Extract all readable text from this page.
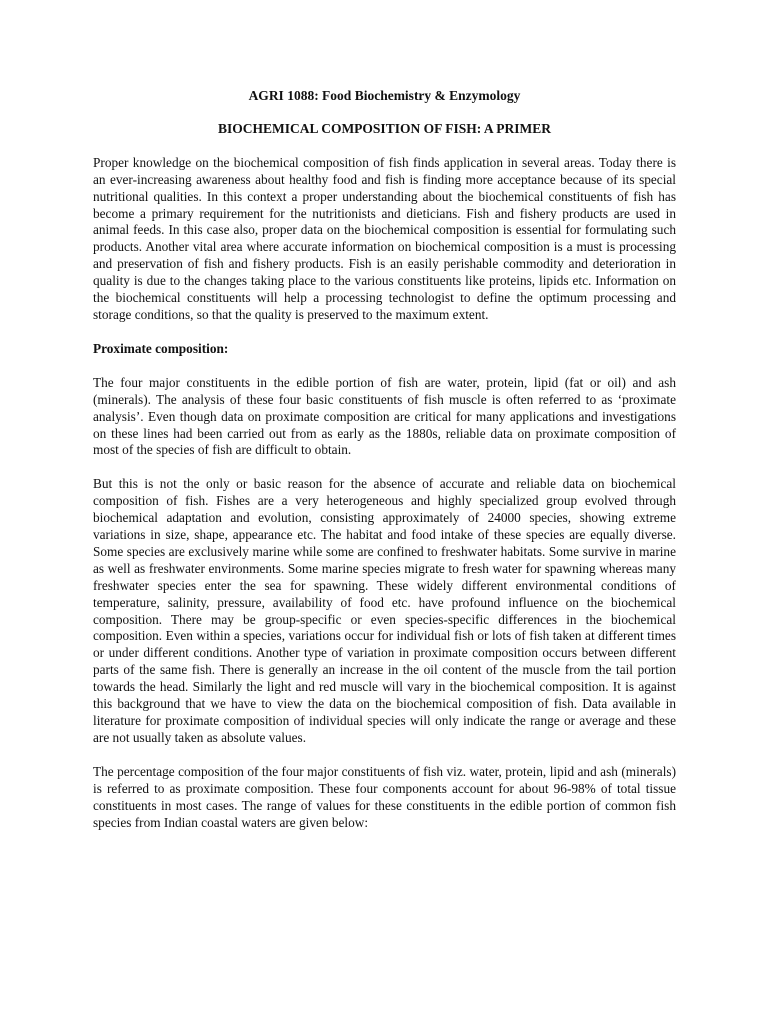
AGRI 1088: Food Biochemistry & Enzymology
BIOCHEMICAL COMPOSITION OF FISH: A PRIMER

Proper knowledge on the biochemical composition of fish finds application in several areas. Today there is an ever-increasing awareness about healthy food and fish is finding more acceptance because of its special nutritional qualities. In this context a proper understanding about the biochemical constituents of fish has become a primary requirement for the nutritionists and dieticians. Fish and fishery products are used in animal feeds. In this case also, proper data on the biochemical composition is essential for formulating such products. Another vital area where accurate information on biochemical composition is a must is processing and preservation of fish and fishery products. Fish is an easily perishable commodity and deterioration in quality is due to the changes taking place to the various constituents like proteins, lipids etc. Information on the biochemical constituents will help a processing technologist to define the optimum processing and storage conditions, so that the quality is preserved to the maximum extent.

Proximate composition:

The four major constituents in the edible portion of fish are water, protein, lipid (fat or oil) and ash (minerals). The analysis of these four basic constituents of fish muscle is often referred to as ‘proximate analysis’. Even though data on proximate composition are critical for many applications and investigations on these lines had been carried out from as early as the 1880s, reliable data on proximate composition of most of the species of fish are difficult to obtain.

But this is not the only or basic reason for the absence of accurate and reliable data on biochemical composition of fish. Fishes are a very heterogeneous and highly specialized group evolved through biochemical adaptation and evolution, consisting approximately of 24000 species, showing extreme variations in size, shape, appearance etc. The habitat and food intake of these species are equally diverse. Some species are exclusively marine while some are confined to freshwater habitats. Some survive in marine as well as freshwater environments. Some marine species migrate to fresh water for spawning whereas many freshwater species enter the sea for spawning. These widely different environmental conditions of temperature, salinity, pressure, availability of food etc. have profound influence on the biochemical composition. There may be group-specific or even species-specific differences in the biochemical composition. Even within a species, variations occur for individual fish or lots of fish taken at different times or under different conditions. Another type of variation in proximate composition occurs between different parts of the same fish. There is generally an increase in the oil content of the muscle from the tail portion towards the head. Similarly the light and red muscle will vary in the biochemical composition. It is against this background that we have to view the data on the biochemical composition of fish. Data available in literature for proximate composition of individual species will only indicate the range or average and these are not usually taken as absolute values.

The percentage composition of the four major constituents of fish viz. water, protein, lipid and ash (minerals) is referred to as proximate composition. These four components account for about 96-98% of total tissue constituents in most cases. The range of values for these constituents in the edible portion of common fish species from Indian coastal waters are given below:
